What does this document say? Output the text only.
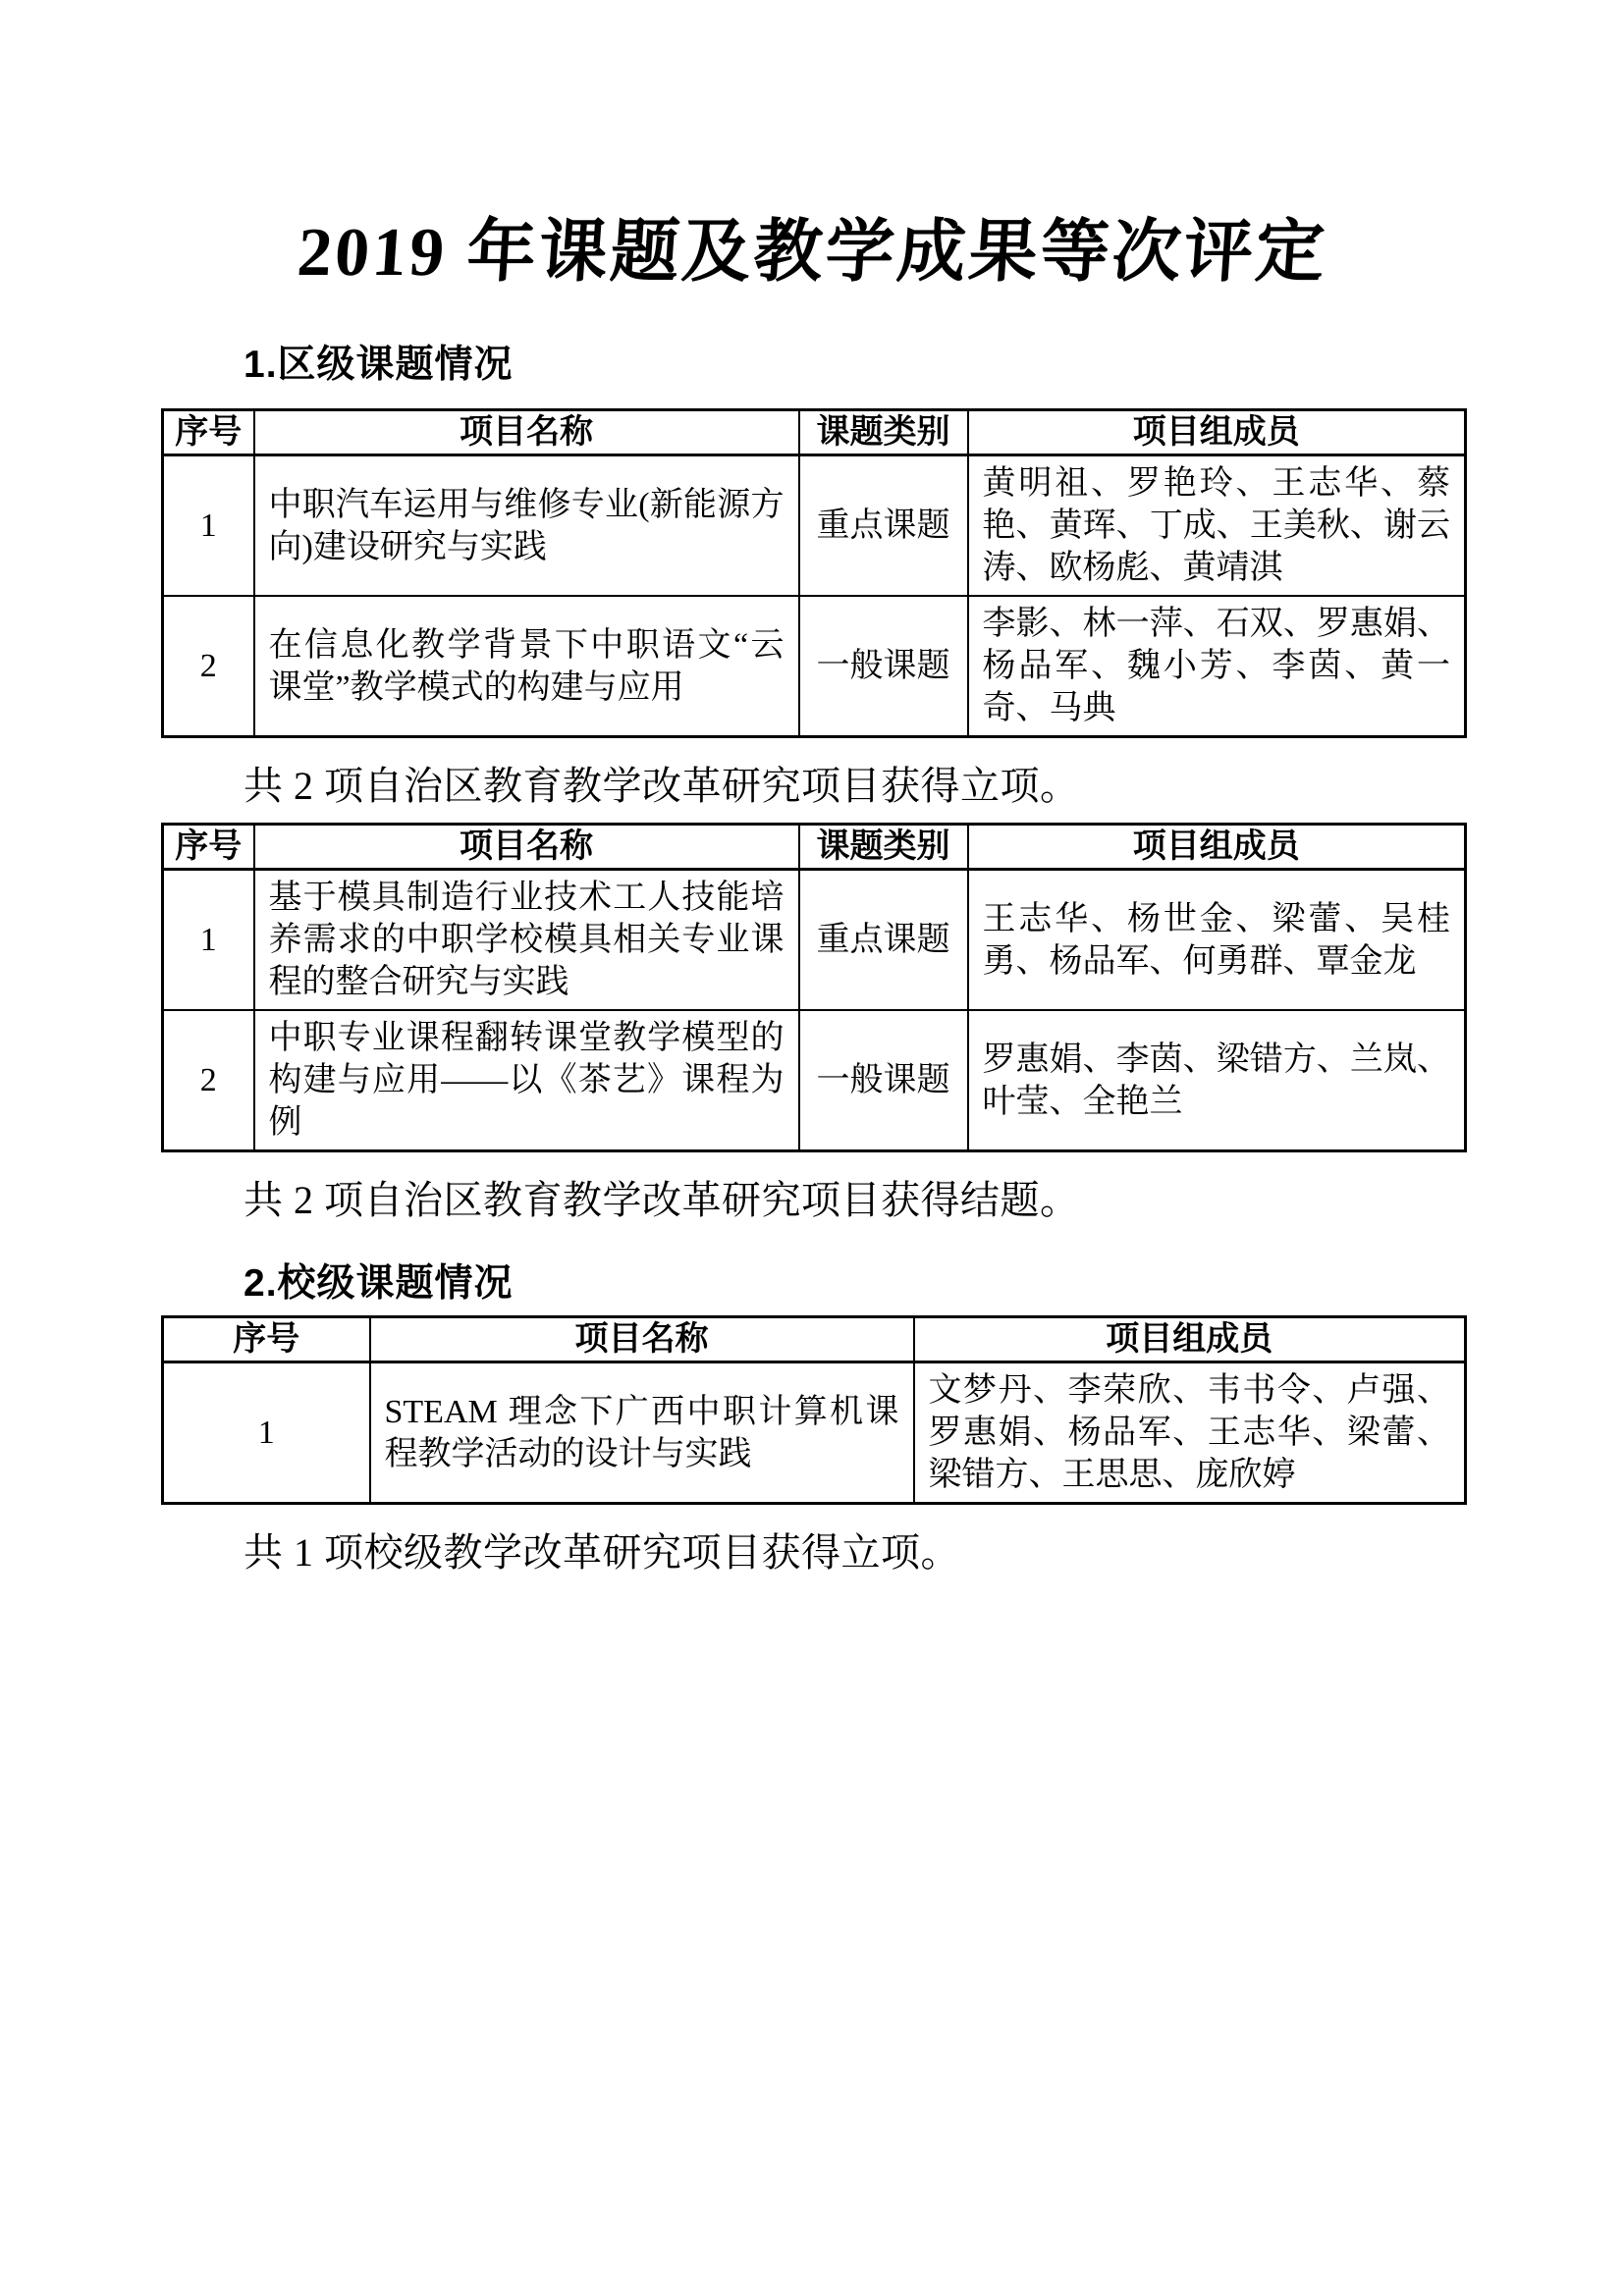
2019 年课题及教学成果等次评定
1.区级课题情况
序号	项目名称	课题类别	项目组成员
1	中职汽车运用与维修专业(新能源方向)建设研究与实践	重点课题	黄明祖、罗艳玲、王志华、蔡艳、黄珲、丁成、王美秋、谢云涛、欧杨彪、黄靖淇
2	在信息化教学背景下中职语文“云课堂”教学模式的构建与应用	一般课题	李影、林一萍、石双、罗惠娟、杨品军、魏小芳、李茵、黄一奇、马典
共 2 项自治区教育教学改革研究项目获得立项。
序号	项目名称	课题类别	项目组成员
1	基于模具制造行业技术工人技能培养需求的中职学校模具相关专业课程的整合研究与实践	重点课题	王志华、杨世金、梁蕾、吴桂勇、杨品军、何勇群、覃金龙
2	中职专业课程翻转课堂教学模型的构建与应用——以《茶艺》课程为例	一般课题	罗惠娟、李茵、梁错方、兰岚、叶莹、全艳兰
共 2 项自治区教育教学改革研究项目获得结题。
2.校级课题情况
序号	项目名称	项目组成员
1	STEAM 理念下广西中职计算机课程教学活动的设计与实践	文梦丹、李荣欣、韦书令、卢强、罗惠娟、杨品军、王志华、梁蕾、梁错方、王思思、庞欣婷
共 1 项校级教学改革研究项目获得立项。
